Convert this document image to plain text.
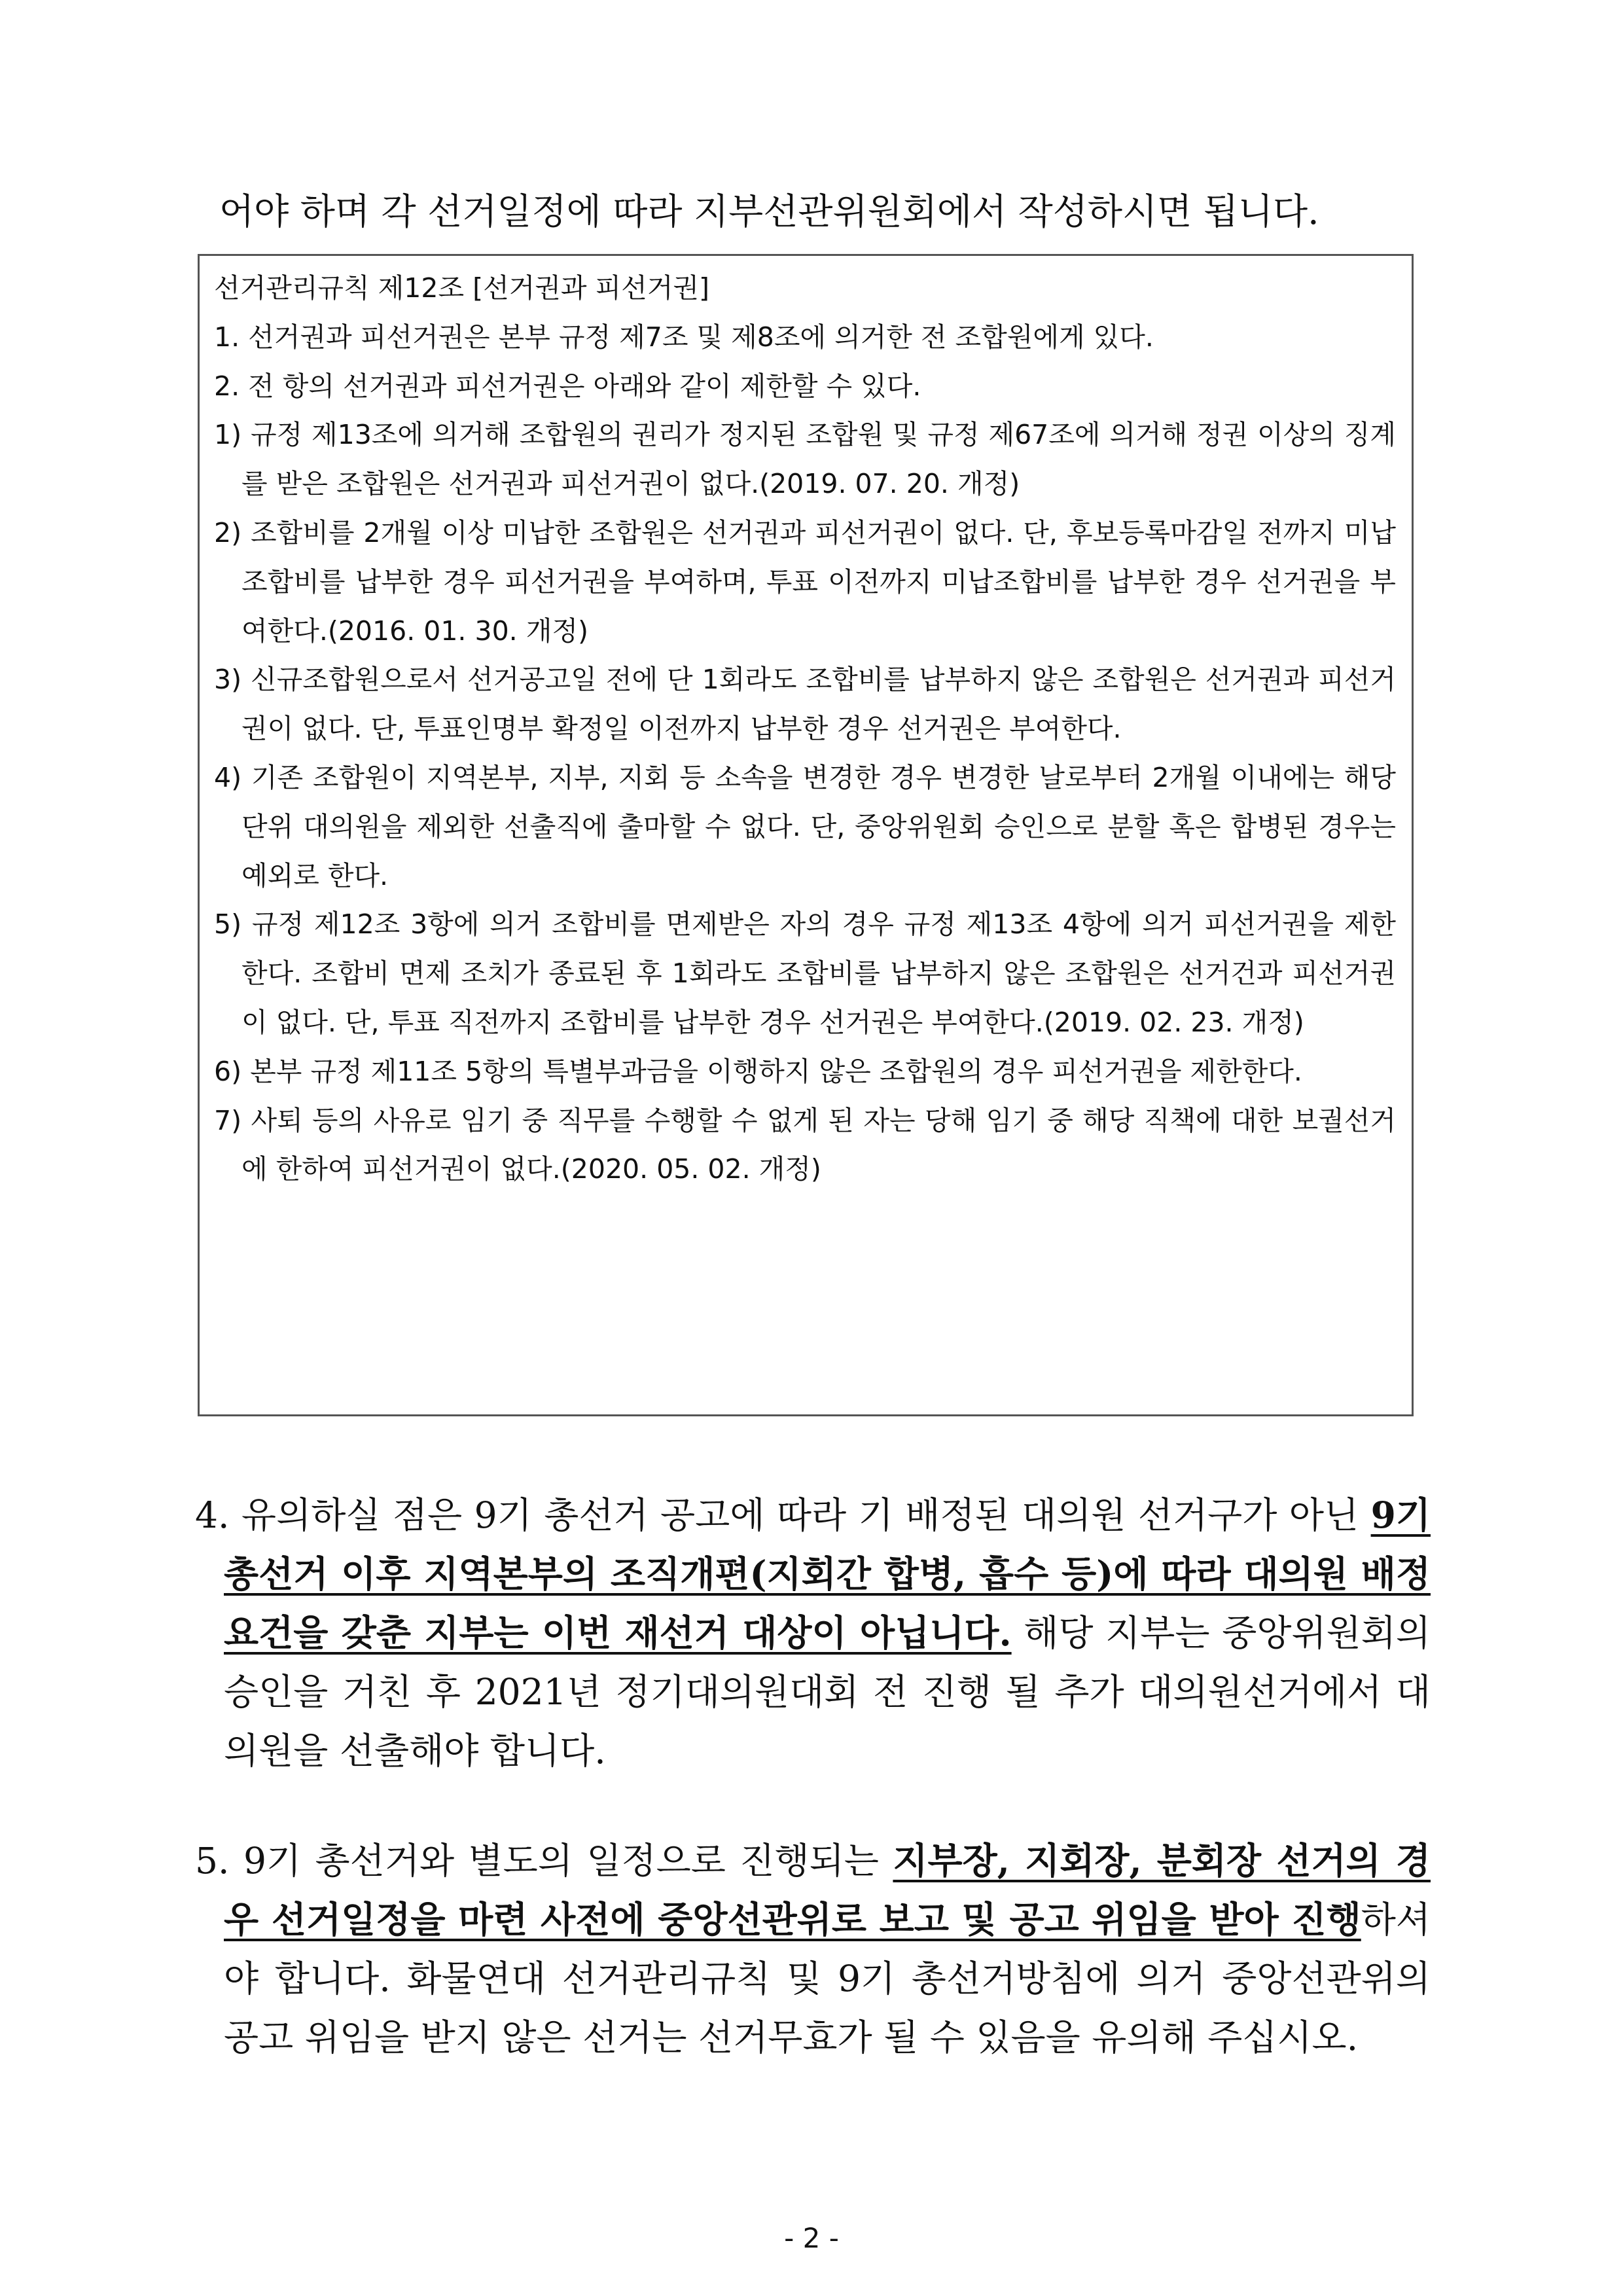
어야 하며 각 선거일정에 따라 지부선관위원회에서 작성하시면 됩니다.
선거관리규칙 제12조 [선거권과 피선거권]
1. 선거권과 피선거권은 본부 규정 제7조 및 제8조에 의거한 전 조합원에게 있다.
2. 전 항의 선거권과 피선거권은 아래와 같이 제한할 수 있다.
1) 규정 제13조에 의거해 조합원의 권리가 정지된 조합원 및 규정 제67조에 의거해 정권 이상의 징계를 받은 조합원은 선거권과 피선거권이 없다.(2019. 07. 20. 개정)
2) 조합비를 2개월 이상 미납한 조합원은 선거권과 피선거권이 없다. 단, 후보등록마감일 전까지 미납조합비를 납부한 경우 피선거권을 부여하며, 투표 이전까지 미납조합비를 납부한 경우 선거권을 부여한다.(2016. 01. 30. 개정)
3) 신규조합원으로서 선거공고일 전에 단 1회라도 조합비를 납부하지 않은 조합원은 선거권과 피선거권이 없다. 단, 투표인명부 확정일 이전까지 납부한 경우 선거권은 부여한다.
4) 기존 조합원이 지역본부, 지부, 지회 등 소속을 변경한 경우 변경한 날로부터 2개월 이내에는 해당 단위 대의원을 제외한 선출직에 출마할 수 없다. 단, 중앙위원회 승인으로 분할 혹은 합병된 경우는 예외로 한다.
5) 규정 제12조 3항에 의거 조합비를 면제받은 자의 경우 규정 제13조 4항에 의거 피선거권을 제한한다. 조합비 면제 조치가 종료된 후 1회라도 조합비를 납부하지 않은 조합원은 선거건과 피선거권이 없다. 단, 투표 직전까지 조합비를 납부한 경우 선거권은 부여한다.(2019. 02. 23. 개정)
6) 본부 규정 제11조 5항의 특별부과금을 이행하지 않은 조합원의 경우 피선거권을 제한한다.
7) 사퇴 등의 사유로 임기 중 직무를 수행할 수 없게 된 자는 당해 임기 중 해당 직책에 대한 보궐선거에 한하여 피선거권이 없다.(2020. 05. 02. 개정)
4. 유의하실 점은 9기 총선거 공고에 따라 기 배정된 대의원 선거구가 아닌 9기 총선거 이후 지역본부의 조직개편(지회간 합병, 흡수 등)에 따라 대의원 배정 요건을 갖춘 지부는 이번 재선거 대상이 아닙니다. 해당 지부는 중앙위원회의 승인을 거친 후 2021년 정기대의원대회 전 진행 될 추가 대의원선거에서 대의원을 선출해야 합니다.
5. 9기 총선거와 별도의 일정으로 진행되는 지부장, 지회장, 분회장 선거의 경우 선거일정을 마련 사전에 중앙선관위로 보고 및 공고 위임을 받아 진행하셔야 합니다. 화물연대 선거관리규칙 및 9기 총선거방침에 의거 중앙선관위의 공고 위임을 받지 않은 선거는 선거무효가 될 수 있음을 유의해 주십시오.
- 2 -
